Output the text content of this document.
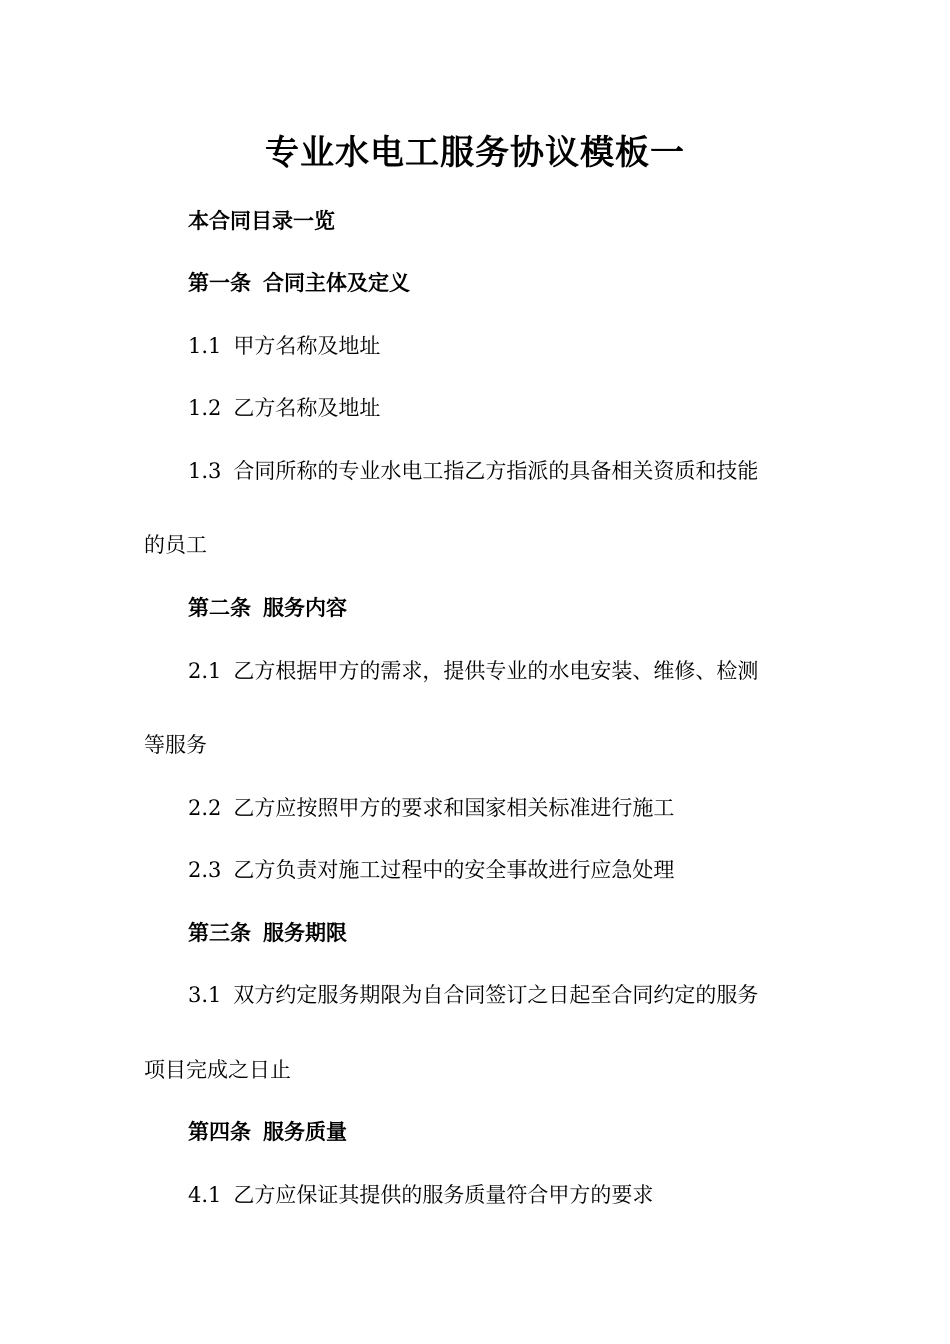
专业水电工服务协议模板一

本合同目录一览

第一条 合同主体及定义

1.1 甲方名称及地址

1.2 乙方名称及地址

1.3 合同所称的专业水电工指乙方指派的具备相关资质和技能

的员工

第二条 服务内容

2.1 乙方根据甲方的需求，提供专业的水电安装、维修、检测

等服务

2.2 乙方应按照甲方的要求和国家相关标准进行施工

2.3 乙方负责对施工过程中的安全事故进行应急处理

第三条 服务期限

3.1 双方约定服务期限为自合同签订之日起至合同约定的服务

项目完成之日止

第四条 服务质量

4.1 乙方应保证其提供的服务质量符合甲方的要求
